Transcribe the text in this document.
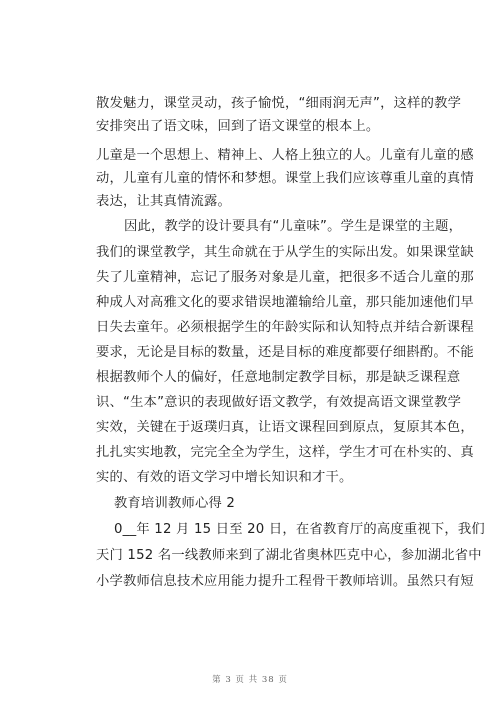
散发魅力，课堂灵动，孩子愉悦，“细雨润无声”，这样的教学
安排突出了语文味，回到了语文课堂的根本上。
儿童是一个思想上、精神上、人格上独立的人。儿童有儿童的感
动，儿童有儿童的情怀和梦想。课堂上我们应该尊重儿童的真情
表达，让其真情流露。
因此，教学的设计要具有“儿童味”。学生是课堂的主题，
我们的课堂教学，其生命就在于从学生的实际出发。如果课堂缺
失了儿童精神，忘记了服务对象是儿童，把很多不适合儿童的那
种成人对高雅文化的要求错误地灌输给儿童，那只能加速他们早
日失去童年。必须根据学生的年龄实际和认知特点并结合新课程
要求，无论是目标的数量，还是目标的难度都要仔细斟酌。不能
根据教师个人的偏好，任意地制定教学目标，那是缺乏课程意
识、“生本”意识的表现做好语文教学，有效提高语文课堂教学
实效，关键在于返璞归真，让语文课程回到原点，复原其本色，
扎扎实实地教，完完全全为学生，这样，学生才可在朴实的、真
实的、有效的语文学习中增长知识和才干。
教育培训教师心得 2
0__年 12 月 15 日至 20 日，在省教育厅的高度重视下，我们
天门 152 名一线教师来到了湖北省奥林匹克中心，参加湖北省中
小学教师信息技术应用能力提升工程骨干教师培训。虽然只有短
第 3 页 共 38 页
